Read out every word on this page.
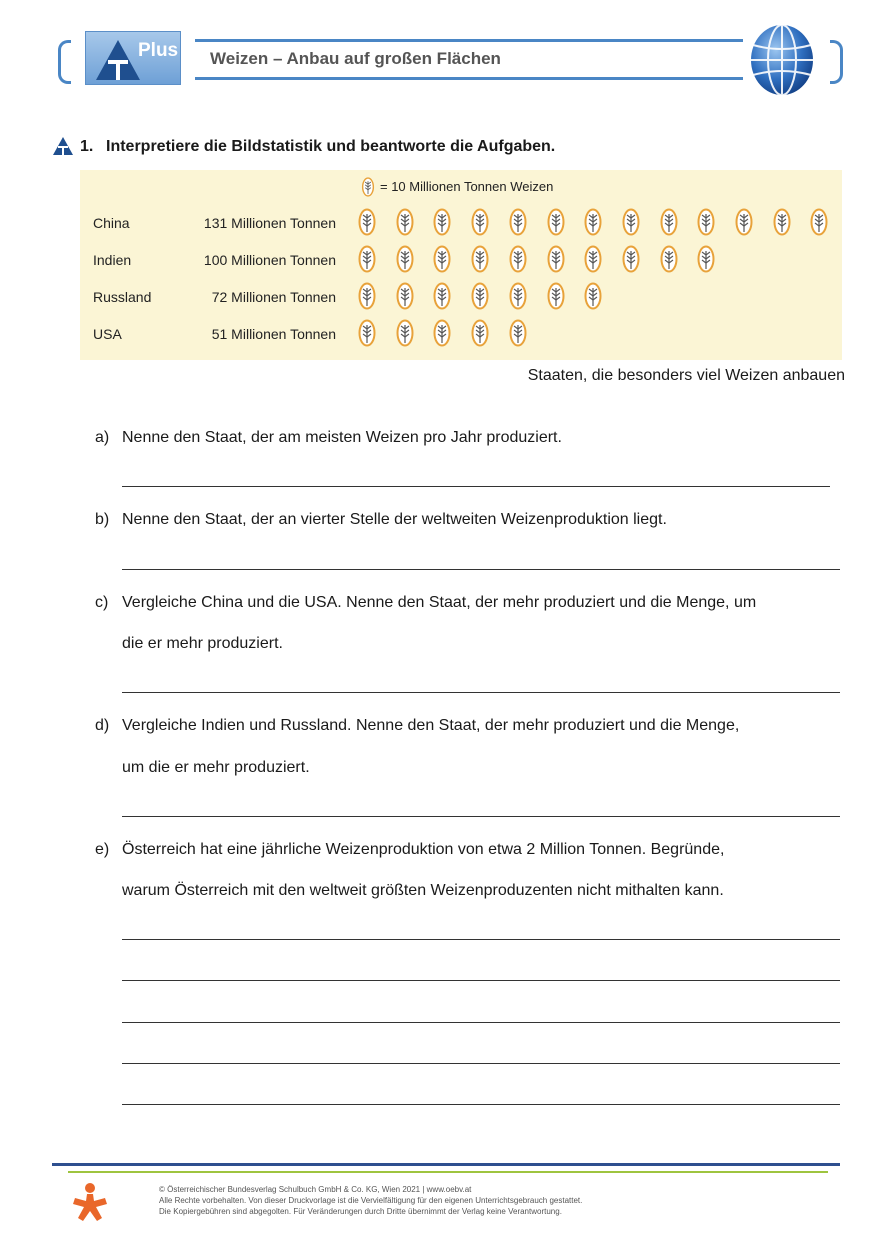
Plus Weizen – Anbau auf großen Flächen
1. Interpretiere die Bildstatistik und beantworte die Aufgaben.
= 10 Millionen Tonnen Weizen
China	131 Millionen Tonnen
Indien	100 Millionen Tonnen
Russland	72 Millionen Tonnen
USA	51 Millionen Tonnen
Staaten, die besonders viel Weizen anbauen
a) Nenne den Staat, der am meisten Weizen pro Jahr produziert.
b) Nenne den Staat, der an vierter Stelle der weltweiten Weizenproduktion liegt.
c) Vergleiche China und die USA. Nenne den Staat, der mehr produziert und die Menge, um
die er mehr produziert.
d) Vergleiche Indien und Russland. Nenne den Staat, der mehr produziert und die Menge,
um die er mehr produziert.
e) Österreich hat eine jährliche Weizenproduktion von etwa 2 Million Tonnen. Begründe,
warum Österreich mit den weltweit größten Weizenproduzenten nicht mithalten kann.
© Österreichischer Bundesverlag Schulbuch GmbH & Co. KG, Wien 2021 | www.oebv.at
Alle Rechte vorbehalten. Von dieser Druckvorlage ist die Vervielfältigung für den eigenen Unterrichtsgebrauch gestattet.
Die Kopiergebühren sind abgegolten. Für Veränderungen durch Dritte übernimmt der Verlag keine Verantwortung.
